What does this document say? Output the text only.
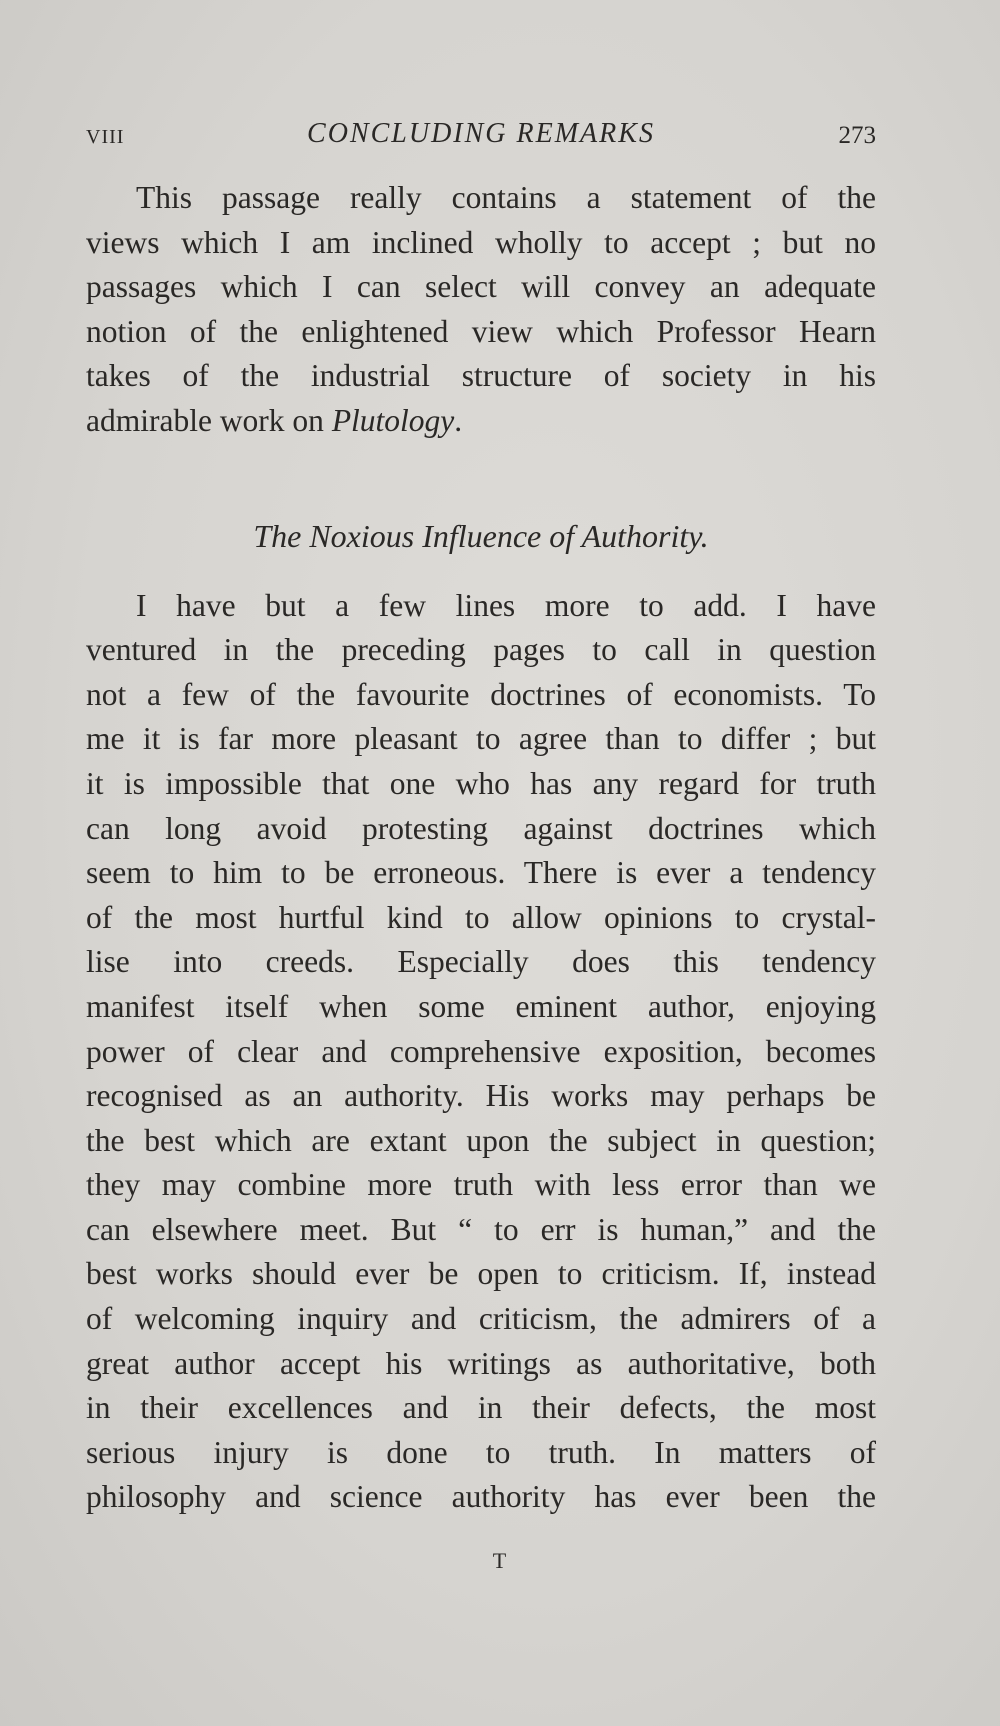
VIII	CONCLUDING REMARKS	273
This passage really contains a statement of the
views which I am inclined wholly to accept ; but no
passages which I can select will convey an adequate
notion of the enlightened view which Professor Hearn
takes of the industrial structure of society in his
admirable work on Plutology.
The Noxious Influence of Authority.
I have but a few lines more to add. I have
ventured in the preceding pages to call in question
not a few of the favourite doctrines of economists. To
me it is far more pleasant to agree than to differ ; but
it is impossible that one who has any regard for truth
can long avoid protesting against doctrines which
seem to him to be erroneous. There is ever a tendency
of the most hurtful kind to allow opinions to crystal-
lise into creeds. Especially does this tendency
manifest itself when some eminent author, enjoying
power of clear and comprehensive exposition, becomes
recognised as an authority. His works may perhaps be
the best which are extant upon the subject in question;
they may combine more truth with less error than we
can elsewhere meet. But “ to err is human,” and the
best works should ever be open to criticism. If, instead
of welcoming inquiry and criticism, the admirers of a
great author accept his writings as authoritative, both
in their excellences and in their defects, the most
serious injury is done to truth. In matters of
philosophy and science authority has ever been the
T
